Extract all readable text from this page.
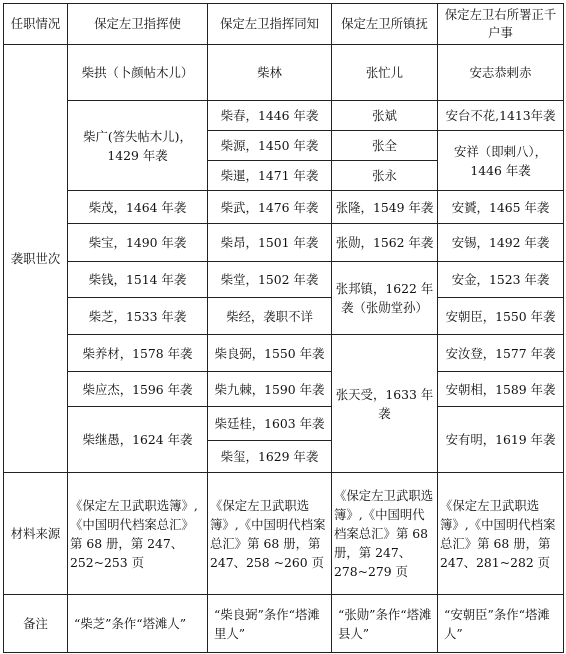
任职情况	保定左卫指挥使	保定左卫指挥同知	保定左卫所镇抚	保定左卫右所署正千户事
袭职世次	柴拱（卜颜帖木儿）	柴林	张忙儿	安志恭剌赤
	柴广(答失帖木儿)，1429 年袭	柴春，1446 年袭	张斌	安台不花,1413年袭
		柴源，1450 年袭	张全	安祥（即剌八），1446 年袭
		柴暹，1471 年袭	张永	
	柴茂，1464 年袭	柴武，1476 年袭	张隆，1549 年袭	安贇，1465 年袭
	柴宝，1490 年袭	柴昂，1501 年袭	张勋，1562 年袭	安锡，1492 年袭
	柴钱，1514 年袭	柴堂，1502 年袭	张邦镇，1622 年袭（张勋堂孙）	安金，1523 年袭
	柴芝，1533 年袭	柴经，袭职不详		安朝臣，1550 年袭
	柴养材，1578 年袭	柴良弼，1550 年袭	张天受，1633 年袭	安汝登，1577 年袭
	柴应杰，1596 年袭	柴九棘，1590 年袭		安朝相，1589 年袭
	柴继愚，1624 年袭	柴廷桂，1603 年袭		安有明，1619 年袭
		柴玺，1629 年袭		
材料来源	《保定左卫武职选簿》,《中国明代档案总汇》第 68 册，第 247、252~253 页	《保定左卫武职选簿》,《中国明代档案总汇》第 68 册，第 247、258 ~260 页	《保定左卫武职选簿》,《中国明代档案总汇》第 68 册，第 247、278~279 页	《保定左卫武职选簿》,《中国明代档案总汇》第 68 册，第 247、281~282 页
备注	“柴芝”条作“塔滩人”	“柴良弼”条作“塔滩里人”	“张勋”条作“塔滩县人”	“安朝臣”条作“塔滩人”
